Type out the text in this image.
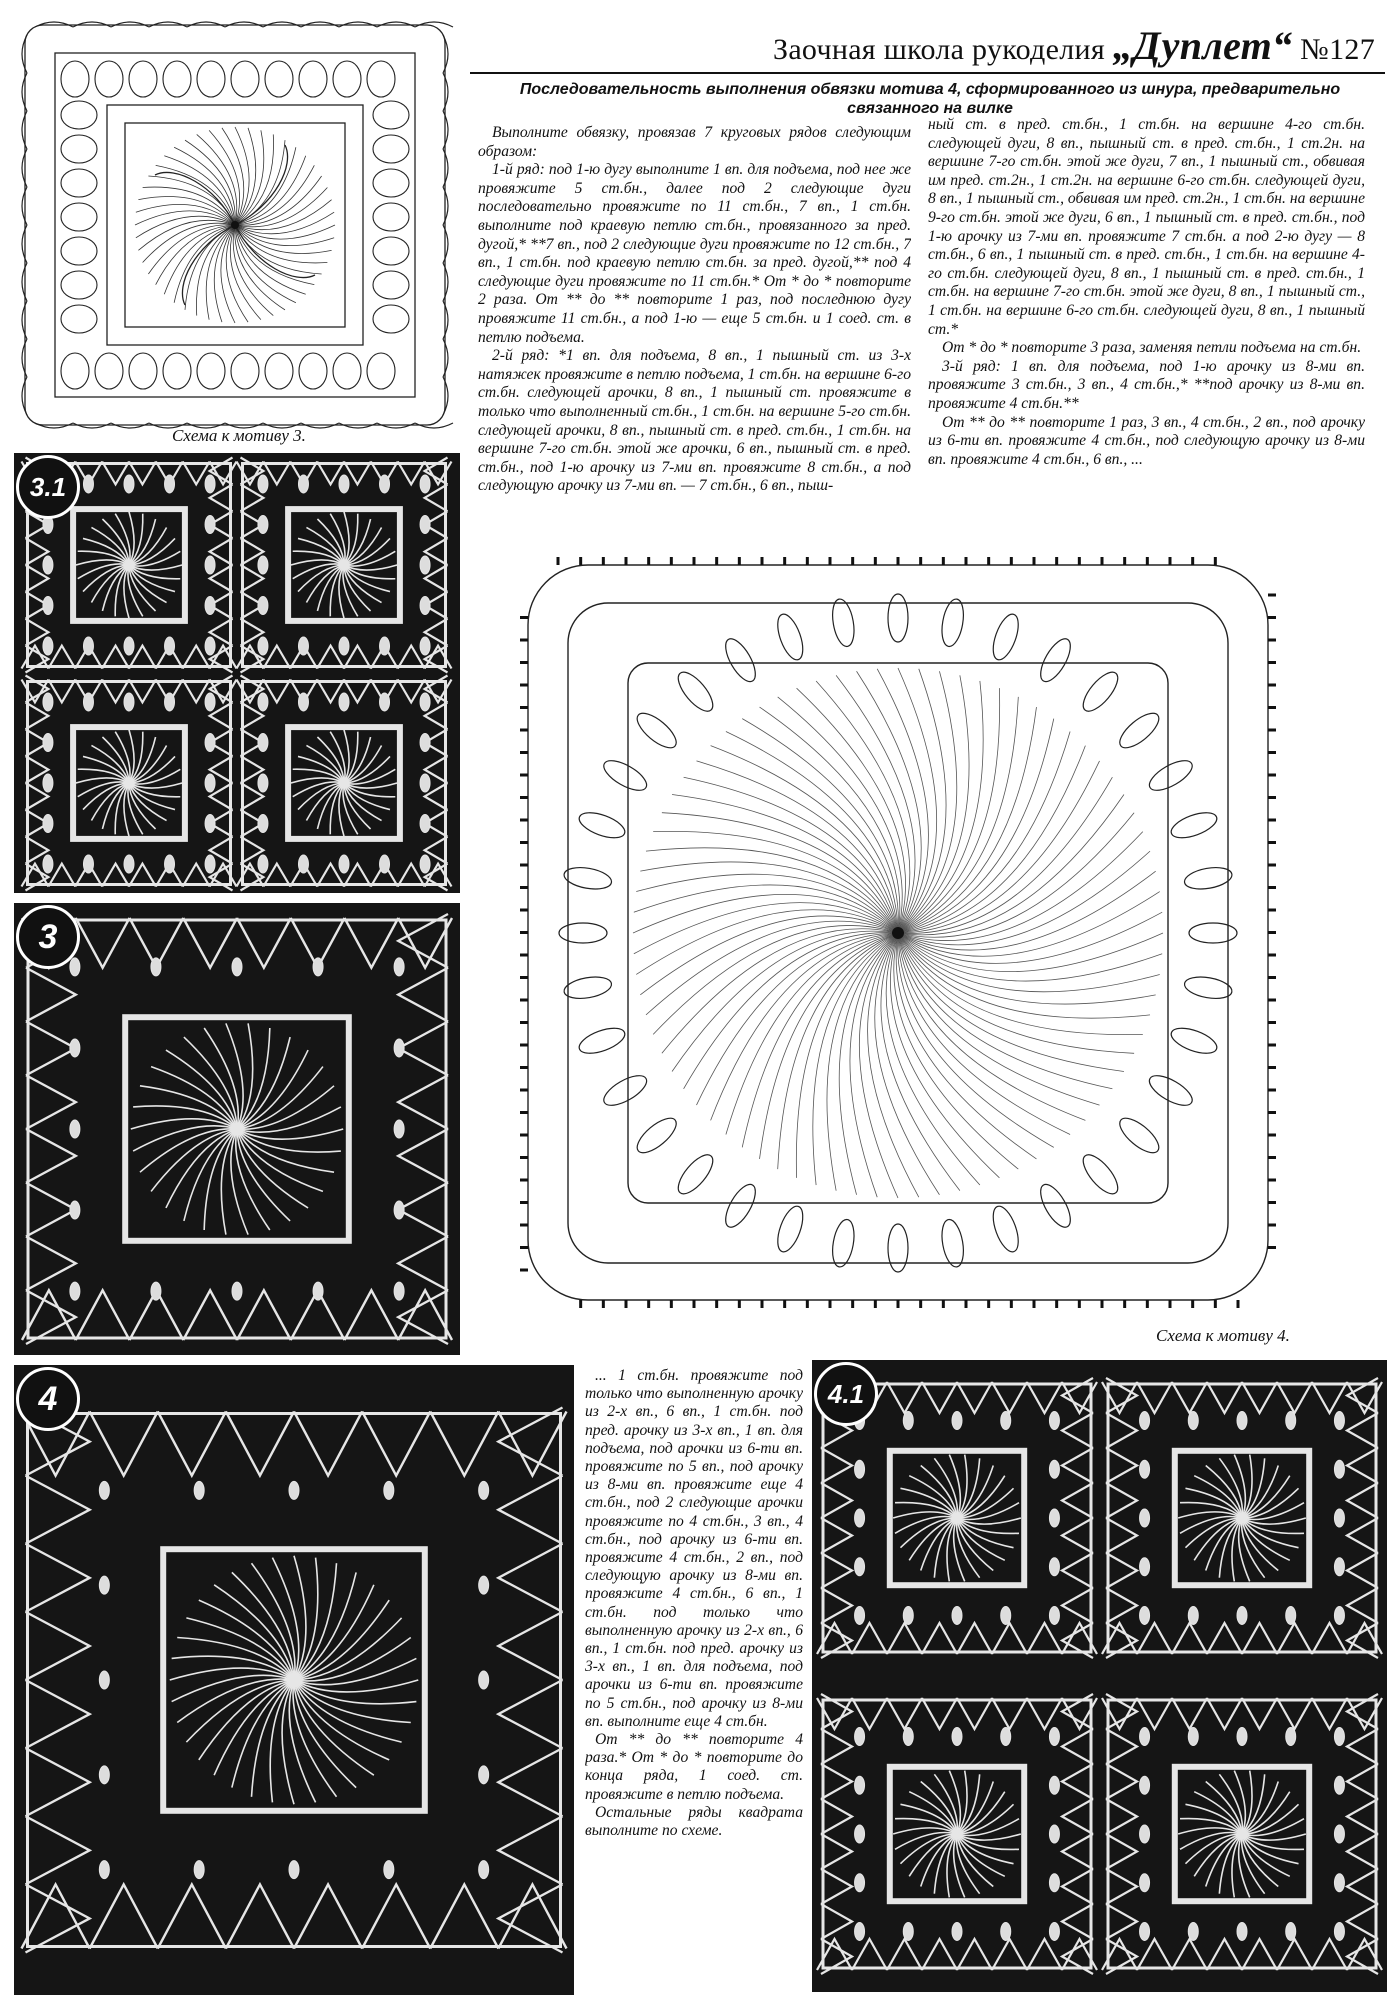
Заочная школа рукоделия „Дуплет“ №127
Схема к мотиву 3.
Последовательность выполнения обвязки мотива 4, сформированного из шнура, предварительно связанного на вилке

Выполните обвязку, провязав 7 круговых рядов следующим образом:

1-й ряд: под 1-ю дугу выполните 1 вп. для подъема, под нее же провяжите 5 ст.бн., далее под 2 следующие дуги последовательно провяжите по 11 ст.бн., 7 вп., 1 ст.бн. выполните под краевую петлю ст.бн., провязанного за пред. дугой,* **7 вп., под 2 следующие дуги провяжите по 12 ст.бн., 7 вп., 1 ст.бн. под краевую петлю ст.бн. за пред. дугой,** под 4 следующие дуги провяжите по 11 ст.бн.* От * до * повторите 2 раза. От ** до ** повторите 1 раз, под последнюю дугу провяжите 11 ст.бн., а под 1-ю — еще 5 ст.бн. и 1 соед. ст. в петлю подъема.

2-й ряд: *1 вп. для подъема, 8 вп., 1 пышный ст. из 3-х натяжек провяжите в петлю подъема, 1 ст.бн. на вершине 6-го ст.бн. следующей арочки, 8 вп., 1 пышный ст. провяжите в только что выполненный ст.бн., 1 ст.бн. на вершине 5-го ст.бн. следующей арочки, 8 вп., пышный ст. в пред. ст.бн., 1 ст.бн. на вершине 7-го ст.бн. этой же арочки, 6 вп., пышный ст. в пред. ст.бн., под 1-ю арочку из 7-ми вп. провяжите 8 ст.бн., а под следующую арочку из 7-ми вп. — 7 ст.бн., 6 вп., пыш-

ный ст. в пред. ст.бн., 1 ст.бн. на вершине 4-го ст.бн. следующей дуги, 8 вп., пышный ст. в пред. ст.бн., 1 ст.2н. на вершине 7-го ст.бн. этой же дуги, 7 вп., 1 пышный ст., обвивая им пред. ст.2н., 1 ст.2н. на вершине 6-го ст.бн. следующей дуги, 8 вп., 1 пышный ст., обвивая им пред. ст.2н., 1 ст.бн. на вершине 9-го ст.бн. этой же дуги, 6 вп., 1 пышный ст. в пред. ст.бн., под 1-ю арочку из 7-ми вп. провяжите 7 ст.бн. а под 2-ю дугу — 8 ст.бн., 6 вп., 1 пышный ст. в пред. ст.бн., 1 ст.бн. на вершине 4-го ст.бн. следующей дуги, 8 вп., 1 пышный ст. в пред. ст.бн., 1 ст.бн. на вершине 7-го ст.бн. этой же дуги, 8 вп., 1 пышный ст., 1 ст.бн. на вершине 6-го ст.бн. следующей дуги, 8 вп., 1 пышный ст.*

От * до * повторите 3 раза, заменяя петли подъема на ст.бн.

3-й ряд: 1 вп. для подъема, под 1-ю арочку из 8-ми вп. провяжите 3 ст.бн., 3 вп., 4 ст.бн.,* **под арочку из 8-ми вп. провяжите 4 ст.бн.**

От ** до ** повторите 1 раз, 3 вп., 4 ст.бн., 2 вп., под арочку из 6-ти вп. провяжите 4 ст.бн., под следующую арочку из 8-ми вп. провяжите 4 ст.бн., 6 вп., ...

3.1
3
Схема к мотиву 4.
4

... 1 ст.бн. провяжите под только что выполненную арочку из 2-х вп., 6 вп., 1 ст.бн. под пред. арочку из 3-х вп., 1 вп. для подъема, под арочки из 6-ти вп. провяжите по 5 вп., под арочку из 8-ми вп. провяжите еще 4 ст.бн., под 2 следующие арочки провяжите по 4 ст.бн., 3 вп., 4 ст.бн., под арочку из 6-ти вп. провяжите 4 ст.бн., 2 вп., под следующую арочку из 8-ми вп. провяжите 4 ст.бн., 6 вп., 1 ст.бн. под только что выполненную арочку из 2-х вп., 6 вп., 1 ст.бн. под пред. арочку из 3-х вп., 1 вп. для подъема, под арочки из 6-ти вп. провяжите по 5 ст.бн., под арочку из 8-ми вп. выполните еще 4 ст.бн.

От ** до ** повторите 4 раза.* От * до * повторите до конца ряда, 1 соед. ст. провяжите в петлю подъема.

Остальные ряды квадрата выполните по схеме.

4.1
